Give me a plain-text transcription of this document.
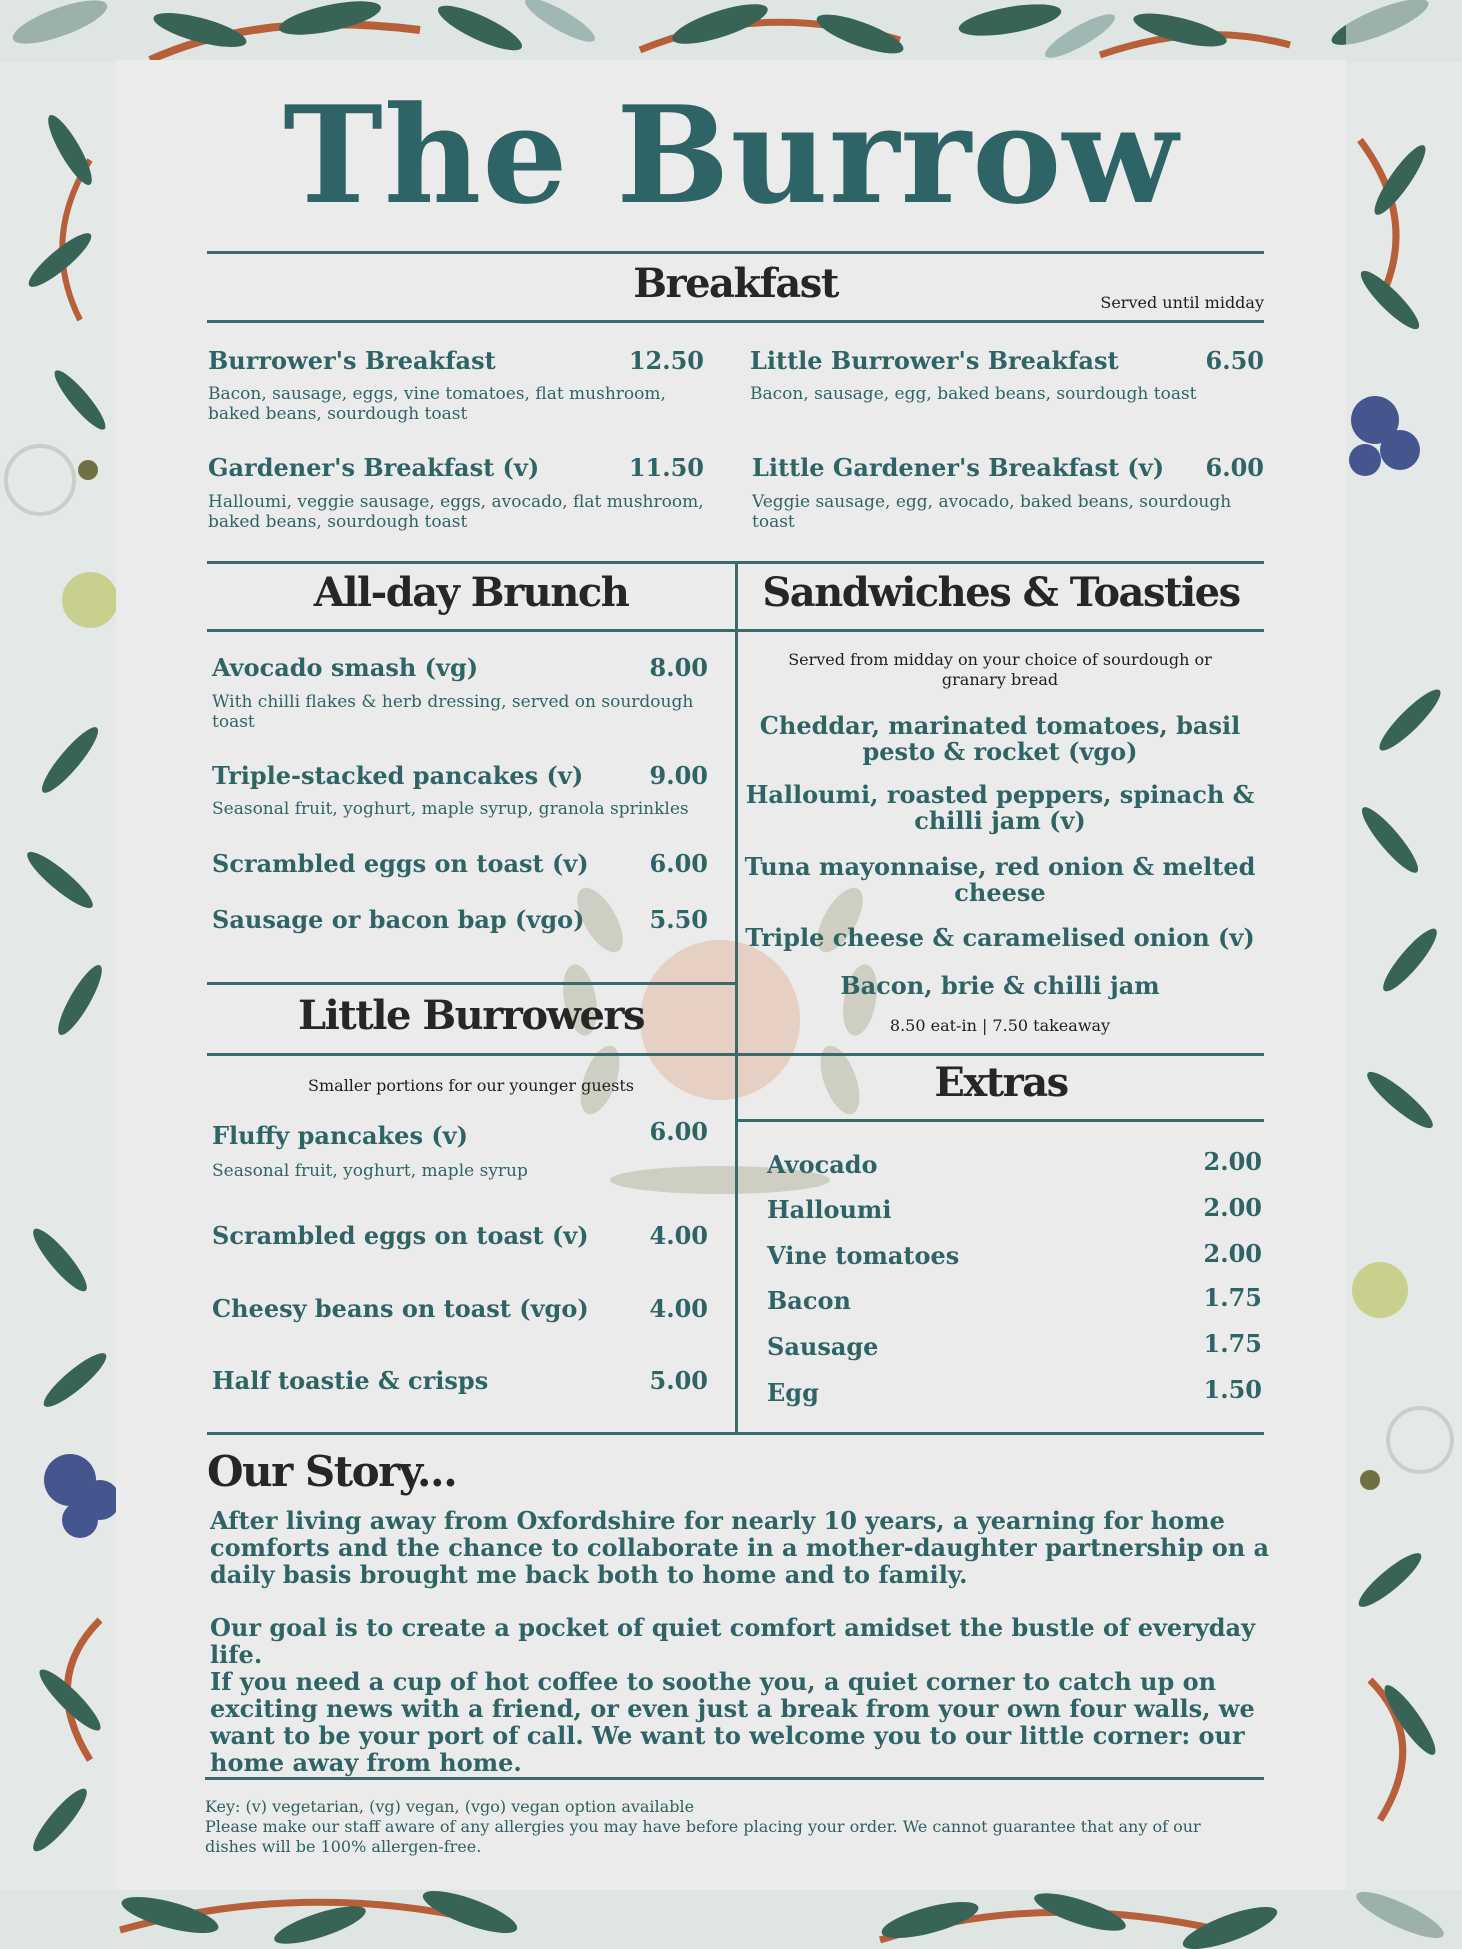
The Burrow
Breakfast	Served until midday
Burrower's Breakfast	12.50
Bacon, sausage, eggs, vine tomatoes, flat mushroom, baked beans, sourdough toast
Little Burrower's Breakfast	6.50
Bacon, sausage, egg, baked beans, sourdough toast
Gardener's Breakfast (v)	11.50
Halloumi, veggie sausage, eggs, avocado, flat mushroom, baked beans, sourdough toast
Little Gardener's Breakfast (v)	6.00
Veggie sausage, egg, avocado, baked beans, sourdough toast
All-day Brunch
Avocado smash (vg)	8.00
With chilli flakes & herb dressing, served on sourdough toast
Triple-stacked pancakes (v)	9.00
Seasonal fruit, yoghurt, maple syrup, granola sprinkles
Scrambled eggs on toast (v)	6.00
Sausage or bacon bap (vgo)	5.50
Sandwiches & Toasties
Served from midday on your choice of sourdough or granary bread
Cheddar, marinated tomatoes, basil pesto & rocket (vgo)
Halloumi, roasted peppers, spinach & chilli jam (v)
Tuna mayonnaise, red onion & melted cheese
Triple cheese & caramelised onion (v)
Bacon, brie & chilli jam
8.50 eat-in | 7.50 takeaway
Little Burrowers
Smaller portions for our younger guests
Fluffy pancakes (v)	6.00
Seasonal fruit, yoghurt, maple syrup
Scrambled eggs on toast (v)	4.00
Cheesy beans on toast (vgo)	4.00
Half toastie & crisps	5.00
Extras
Avocado	2.00
Halloumi	2.00
Vine tomatoes	2.00
Bacon	1.75
Sausage	1.75
Egg	1.50
Our Story...
After living away from Oxfordshire for nearly 10 years, a yearning for home
comforts and the chance to collaborate in a mother-daughter partnership on a
daily basis brought me back both to home and to family.
Our goal is to create a pocket of quiet comfort amidset the bustle of everyday life.
If you need a cup of hot coffee to soothe you, a quiet corner to catch up on
exciting news with a friend, or even just a break from your own four walls, we
want to be your port of call. We want to welcome you to our little corner: our
home away from home.
Key: (v) vegetarian, (vg) vegan, (vgo) vegan option available
Please make our staff aware of any allergies you may have before placing your order. We cannot guarantee that any of our
dishes will be 100% allergen-free.
